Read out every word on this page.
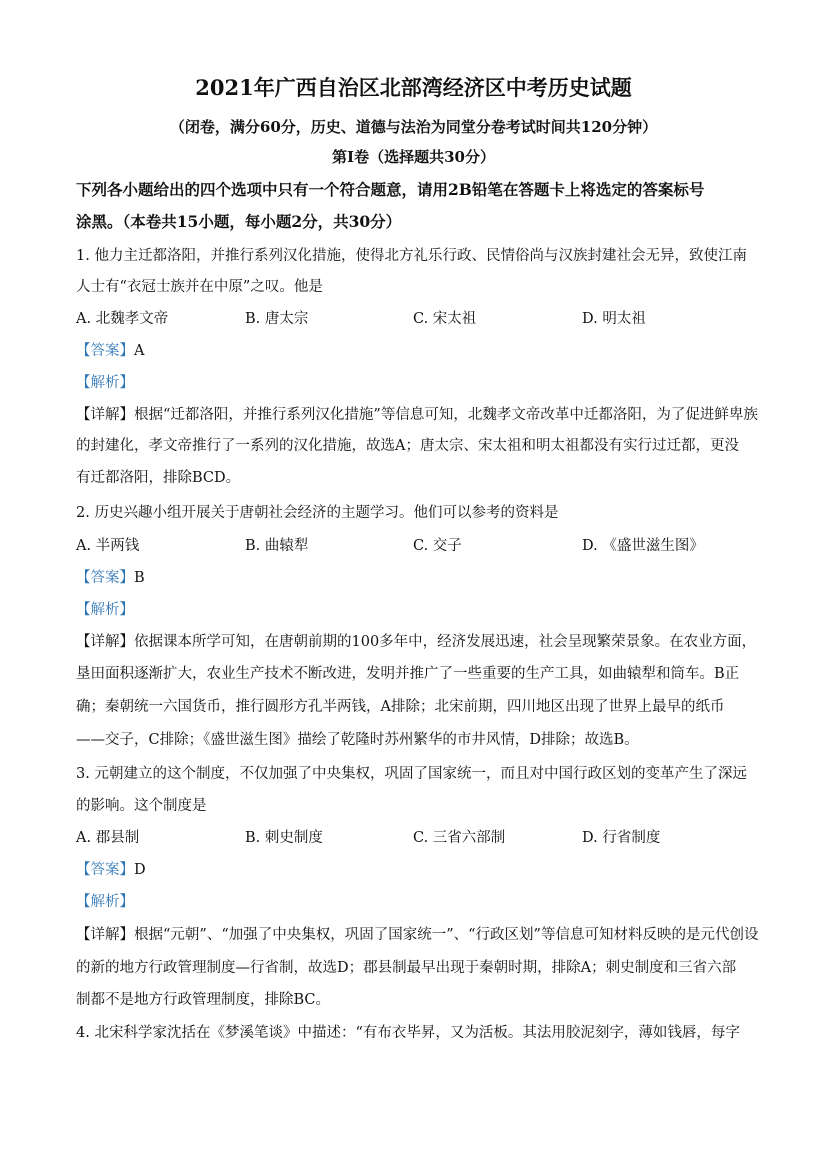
2021年广西自治区北部湾经济区中考历史试题
（闭卷，满分60分，历史、道德与法治为同堂分卷考试时间共120分钟）
第Ⅰ卷（选择题共30分）
下列各小题给出的四个选项中只有一个符合题意，请用2B铅笔在答题卡上将选定的答案标号
涂黑。（本卷共15小题，每小题2分，共30分）
1. 他力主迁都洛阳，并推行系列汉化措施，使得北方礼乐行政、民情俗尚与汉族封建社会无异，致使江南
人士有“衣冠士族并在中原”之叹。他是
A. 北魏孝文帝	B. 唐太宗	C. 宋太祖	D. 明太祖
【答案】A
【解析】
【详解】根据“迁都洛阳，并推行系列汉化措施”等信息可知，北魏孝文帝改革中迁都洛阳，为了促进鲜卑族
的封建化，孝文帝推行了一系列的汉化措施，故选A；唐太宗、宋太祖和明太祖都没有实行过迁都，更没
有迁都洛阳，排除BCD。
2. 历史兴趣小组开展关于唐朝社会经济的主题学习。他们可以参考的资料是
A. 半两钱	B. 曲辕犁	C. 交子	D. 《盛世滋生图》
【答案】B
【解析】
【详解】依据课本所学可知，在唐朝前期的100多年中，经济发展迅速，社会呈现繁荣景象。在农业方面，
垦田面积逐渐扩大，农业生产技术不断改进，发明并推广了一些重要的生产工具，如曲辕犁和筒车。B正
确；秦朝统一六国货币，推行圆形方孔半两钱，A排除；北宋前期，四川地区出现了世界上最早的纸币
——交子，C排除；《盛世滋生图》描绘了乾隆时苏州繁华的市井风情，D排除；故选B。
3. 元朝建立的这个制度，不仅加强了中央集权，巩固了国家统一，而且对中国行政区划的变革产生了深远
的影响。这个制度是
A. 郡县制	B. 刺史制度	C. 三省六部制	D. 行省制度
【答案】D
【解析】
【详解】根据“元朝”、“加强了中央集权，巩固了国家统一”、“行政区划”等信息可知材料反映的是元代创设
的新的地方行政管理制度—行省制，故选D；郡县制最早出现于秦朝时期，排除A；刺史制度和三省六部
制都不是地方行政管理制度，排除BC。
4. 北宋科学家沈括在《梦溪笔谈》中描述：“有布衣毕昇，又为活板。其法用胶泥刻字，薄如钱唇，每字
